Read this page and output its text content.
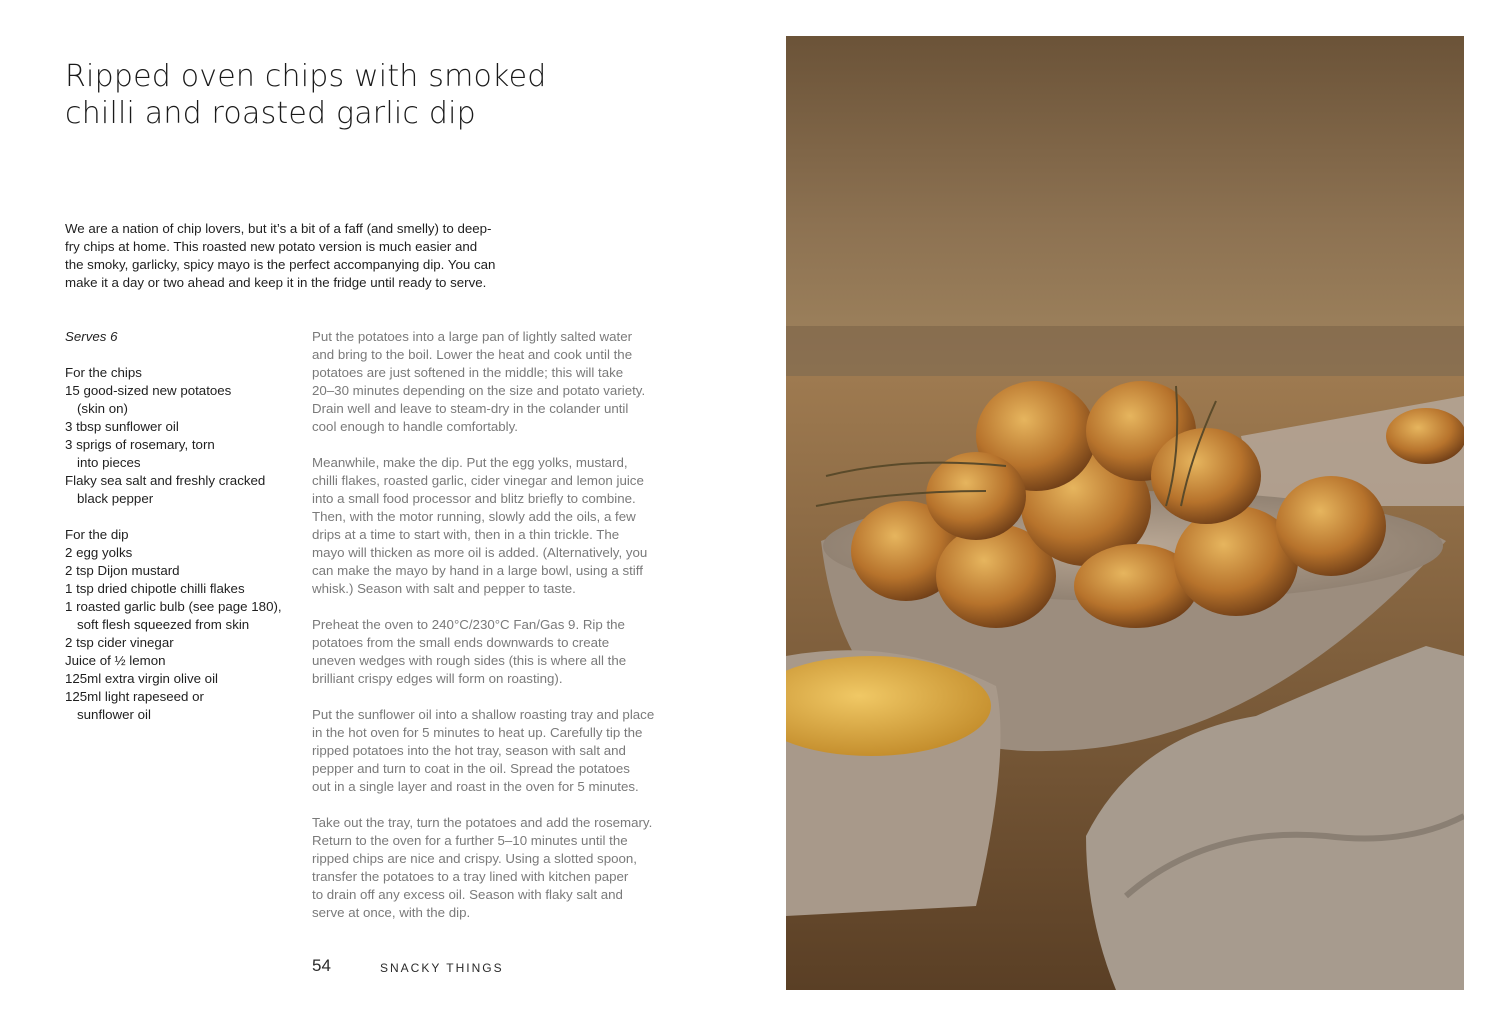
Ripped oven chips with smoked
chilli and roasted garlic dip
We are a nation of chip lovers, but it’s a bit of a faff (and smelly) to deep-
fry chips at home. This roasted new potato version is much easier and
the smoky, garlicky, spicy mayo is the perfect accompanying dip. You can
make it a day or two ahead and keep it in the fridge until ready to serve.
Serves 6
For the chips
15 good-sized new potatoes
(skin on)
3 tbsp sunflower oil
3 sprigs of rosemary, torn
into pieces
Flaky sea salt and freshly cracked
black pepper
For the dip
2 egg yolks
2 tsp Dijon mustard
1 tsp dried chipotle chilli flakes
1 roasted garlic bulb (see page 180),
soft flesh squeezed from skin
2 tsp cider vinegar
Juice of ½ lemon
125ml extra virgin olive oil
125ml light rapeseed or
sunflower oil
Put the potatoes into a large pan of lightly salted water
and bring to the boil. Lower the heat and cook until the
potatoes are just softened in the middle; this will take
20–30 minutes depending on the size and potato variety.
Drain well and leave to steam-dry in the colander until
cool enough to handle comfortably.
Meanwhile, make the dip. Put the egg yolks, mustard,
chilli flakes, roasted garlic, cider vinegar and lemon juice
into a small food processor and blitz briefly to combine.
Then, with the motor running, slowly add the oils, a few
drips at a time to start with, then in a thin trickle. The
mayo will thicken as more oil is added. (Alternatively, you
can make the mayo by hand in a large bowl, using a stiff
whisk.) Season with salt and pepper to taste.
Preheat the oven to 240°C/230°C Fan/Gas 9. Rip the
potatoes from the small ends downwards to create
uneven wedges with rough sides (this is where all the
brilliant crispy edges will form on roasting).
Put the sunflower oil into a shallow roasting tray and place
in the hot oven for 5 minutes to heat up. Carefully tip the
ripped potatoes into the hot tray, season with salt and
pepper and turn to coat in the oil. Spread the potatoes
out in a single layer and roast in the oven for 5 minutes.
Take out the tray, turn the potatoes and add the rosemary.
Return to the oven for a further 5–10 minutes until the
ripped chips are nice and crispy. Using a slotted spoon,
transfer the potatoes to a tray lined with kitchen paper
to drain off any excess oil. Season with flaky salt and
serve at once, with the dip.
54	SNACKY THINGS
